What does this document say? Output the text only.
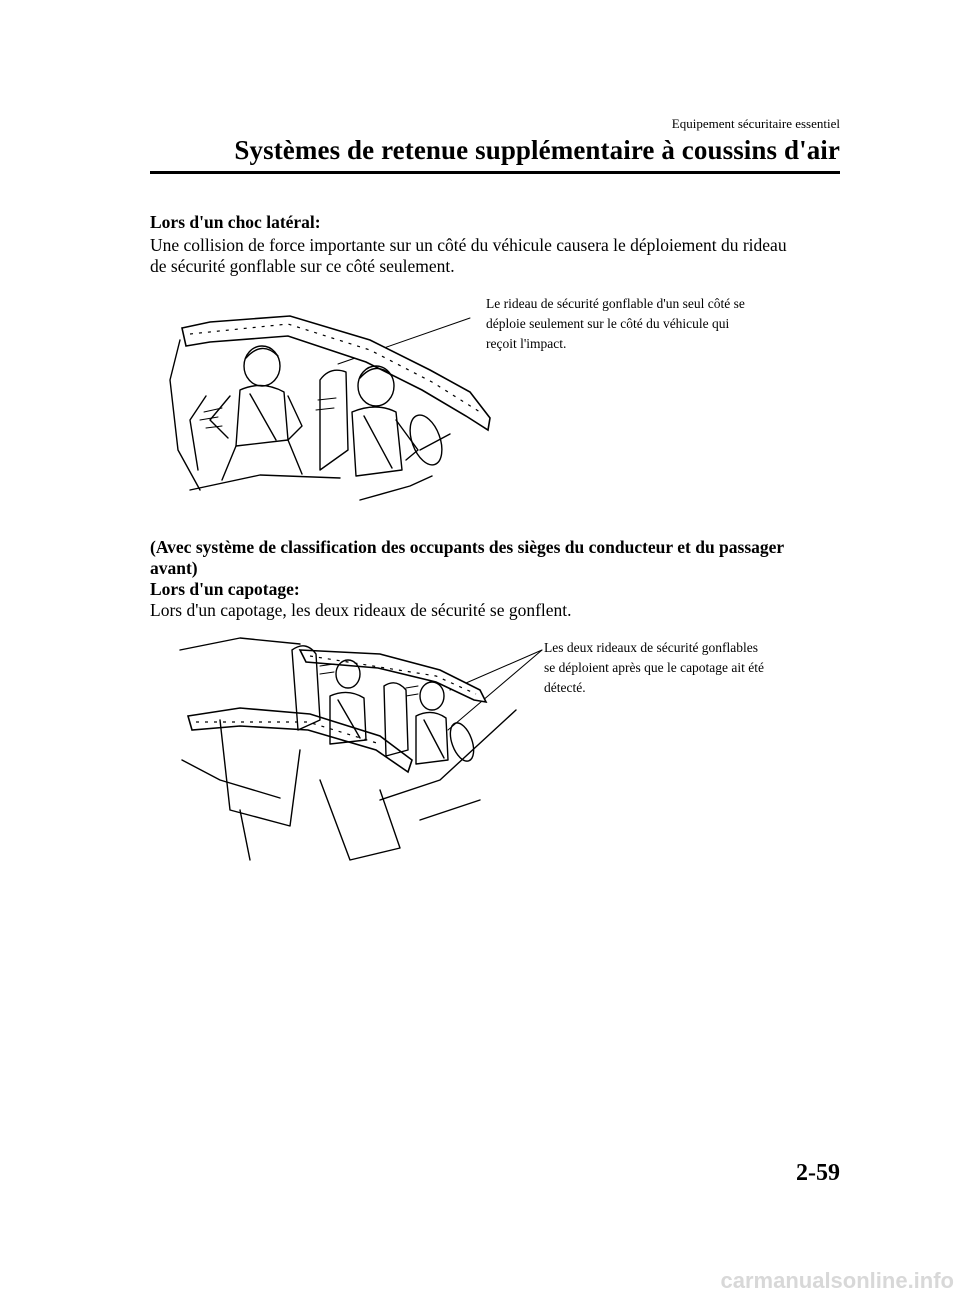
Equipement sécuritaire essentiel
Systèmes de retenue supplémentaire à coussins d'air
Lors d'un choc latéral:
Une collision de force importante sur un côté du véhicule causera le déploiement du rideau
de sécurité gonflable sur ce côté seulement.
Le rideau de sécurité gonflable d'un seul côté se
déploie seulement sur le côté du véhicule qui
reçoit l'impact.
(Avec système de classification des occupants des sièges du conducteur et du passager
avant)
Lors d'un capotage:
Lors d'un capotage, les deux rideaux de sécurité se gonflent.
Les deux rideaux de sécurité gonflables
se déploient après que le capotage ait été
détecté.
2-59
carmanualsonline.info
